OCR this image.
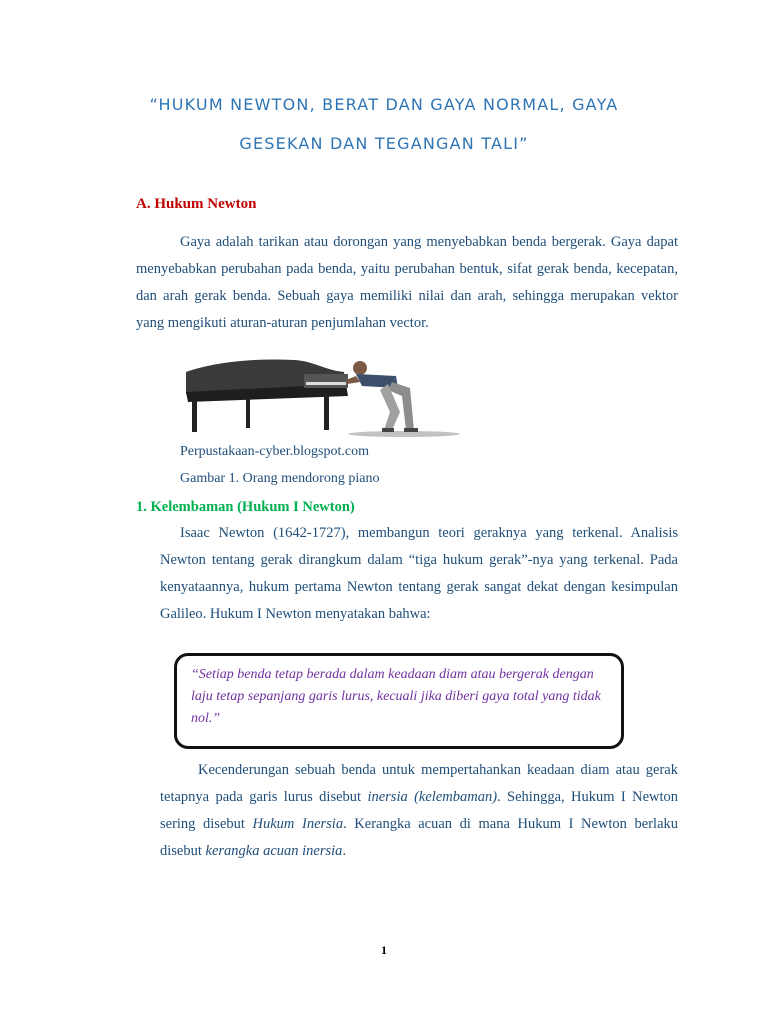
“HUKUM NEWTON, BERAT DAN GAYA NORMAL, GAYA
GESEKAN DAN TEGANGAN TALI”
A. Hukum Newton
Gaya adalah tarikan atau dorongan yang menyebabkan benda bergerak. Gaya dapat menyebabkan perubahan pada benda, yaitu perubahan bentuk, sifat gerak benda, kecepatan, dan arah gerak benda. Sebuah gaya memiliki nilai dan arah, sehingga merupakan vektor yang mengikuti aturan-aturan penjumlahan vector.
Perpustakaan-cyber.blogspot.com
Gambar 1. Orang mendorong piano
1. Kelembaman (Hukum I Newton)
Isaac Newton (1642-1727), membangun teori geraknya yang terkenal. Analisis Newton tentang gerak dirangkum dalam “tiga hukum gerak”-nya yang terkenal. Pada kenyataannya, hukum pertama Newton tentang gerak sangat dekat dengan kesimpulan Galileo. Hukum I Newton menyatakan bahwa:
“Setiap benda tetap berada dalam keadaan diam atau bergerak dengan laju tetap sepanjang garis lurus, kecuali jika diberi gaya total yang tidak nol.”
Kecenderungan sebuah benda untuk mempertahankan keadaan diam atau gerak tetapnya pada garis lurus disebut inersia (kelembaman). Sehingga, Hukum I Newton sering disebut Hukum Inersia. Kerangka acuan di mana Hukum I Newton berlaku disebut kerangka acuan inersia.
1
